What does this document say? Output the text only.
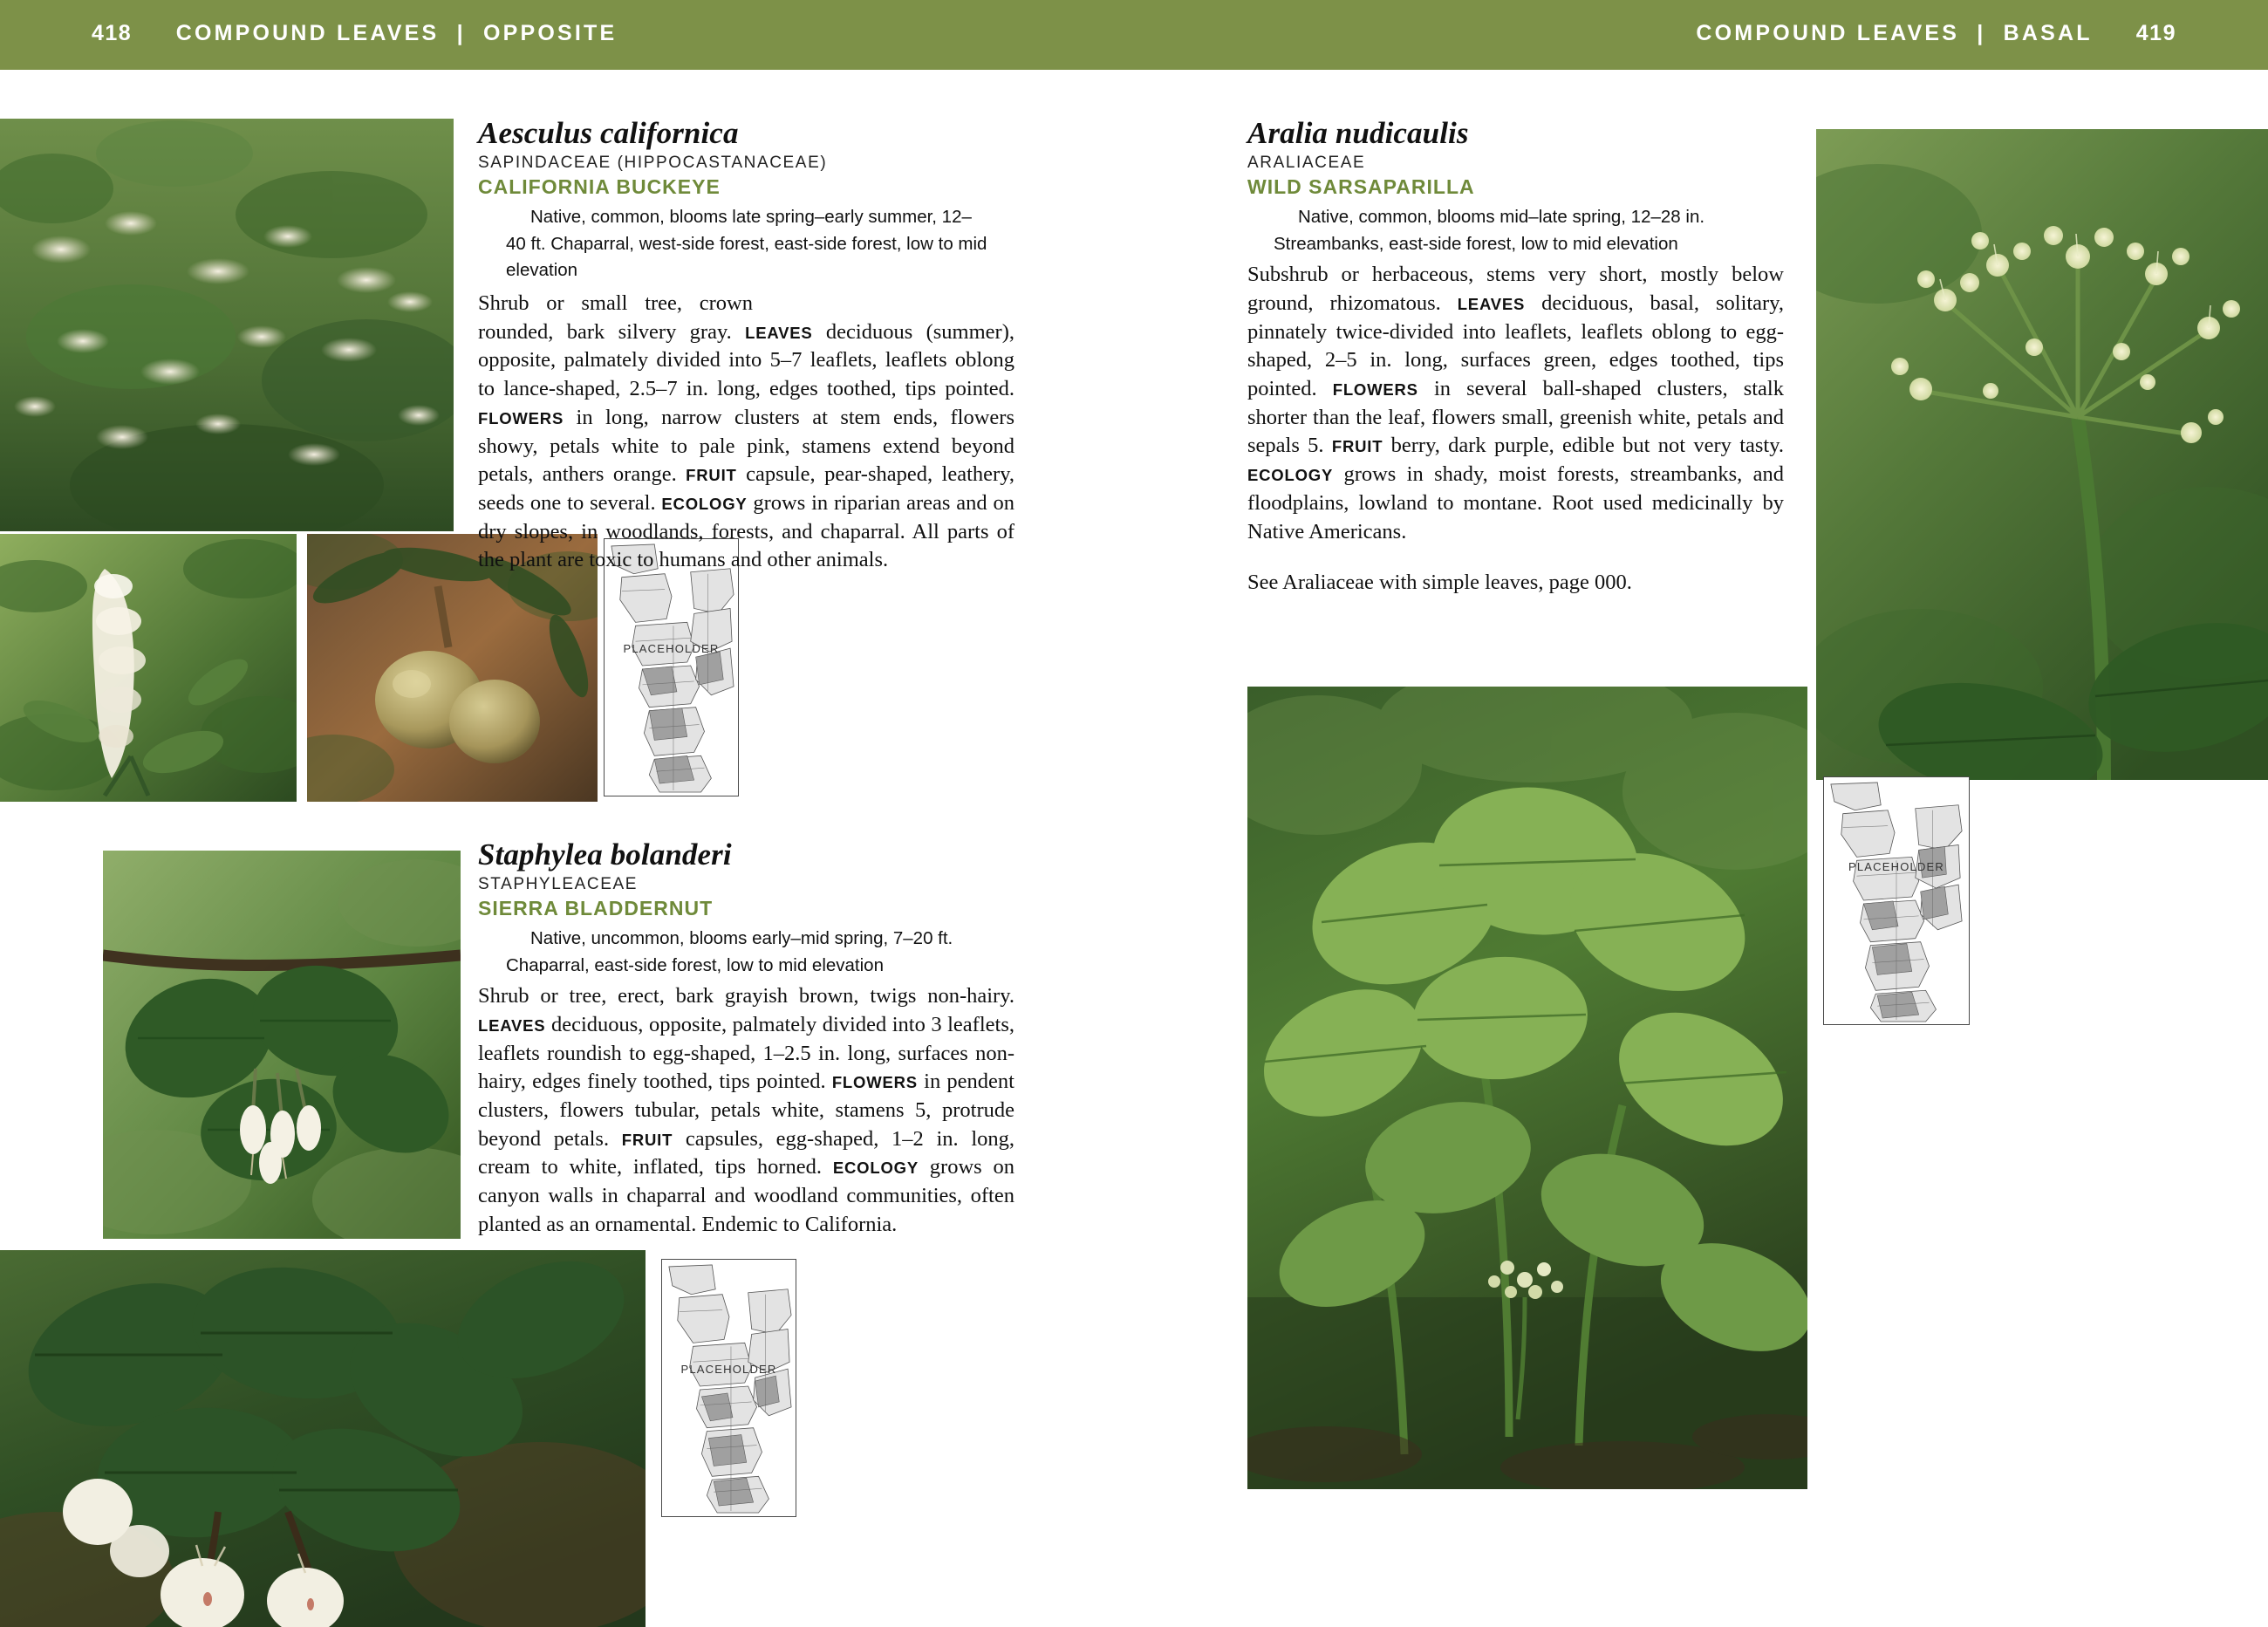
418 COMPOUND LEAVES | OPPOSITE	COMPOUND LEAVES | BASAL 419
PLACEHOLDER
PLACEHOLDER
PLACEHOLDER
Aesculus californica
SAPINDACEAE (HIPPOCASTANACEAE)
CALIFORNIA BUCKEYE
Native, common, blooms late spring–early summer, 12–40 ft. Chaparral, west-side forest, east-side forest, low to mid elevation
Shrub or small tree, crown rounded, bark silvery gray. LEAVES deciduous (summer), opposite, palmately divided into 5–7 leaflets, leaflets oblong to lance-shaped, 2.5–7 in. long, edges toothed, tips pointed. FLOWERS in long, narrow clusters at stem ends, flowers showy, petals white to pale pink, stamens extend beyond petals, anthers orange. FRUIT capsule, pear-shaped, leathery, seeds one to several. ECOLOGY grows in riparian areas and on dry slopes, in woodlands, forests, and chaparral. All parts of the plant are toxic to humans and other animals.
Staphylea bolanderi
STAPHYLEACEAE
SIERRA BLADDERNUT
Native, uncommon, blooms early–mid spring, 7–20 ft. Chaparral, east-side forest, low to mid elevation
Shrub or tree, erect, bark grayish brown, twigs non-hairy. LEAVES deciduous, opposite, palmately divided into 3 leaflets, leaflets roundish to egg-shaped, 1–2.5 in. long, surfaces non-hairy, edges finely toothed, tips pointed. FLOWERS in pendent clusters, flowers tubular, petals white, stamens 5, protrude beyond petals. FRUIT capsules, egg-shaped, 1–2 in. long, cream to white, inflated, tips horned. ECOLOGY grows on canyon walls in chaparral and woodland communities, often planted as an ornamental. Endemic to California.
Aralia nudicaulis
ARALIACEAE
WILD SARSAPARILLA
Native, common, blooms mid–late spring, 12–28 in. Streambanks, east-side forest, low to mid elevation
Subshrub or herbaceous, stems very short, mostly below ground, rhizomatous. LEAVES deciduous, basal, solitary, pinnately twice-divided into leaflets, leaflets oblong to egg-shaped, 2–5 in. long, surfaces green, edges toothed, tips pointed. FLOWERS in several ball-shaped clusters, stalk shorter than the leaf, flowers small, greenish white, petals and sepals 5. FRUIT berry, dark purple, edible but not very tasty. ECOLOGY grows in shady, moist forests, streambanks, and floodplains, lowland to montane. Root used medicinally by Native Americans.
See Araliaceae with simple leaves, page 000.
